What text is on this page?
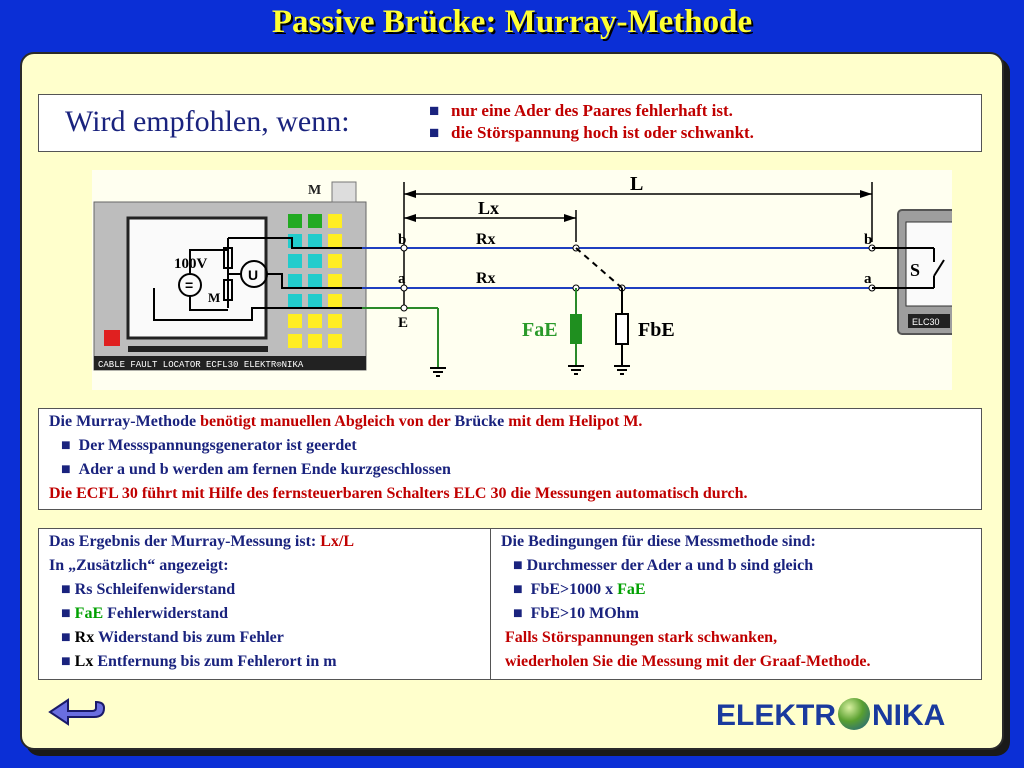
Passive Brücke: Murray-Methode
Wird empfohlen, wenn:	■ nur eine Ader des Paares fehlerhaft ist.
■ die Störspannung hoch ist oder schwankt.
CABLE FAULT LOCATOR ECFL30 ELEKTR⊙NIKA
M
100V
=
U
M
L
Lx
b	b
Rx
a	a
Rx
E	FaE	FbE
S
ELC30
Die Murray-Methode benötigt manuellen Abgleich von der Brücke mit dem Helipot M.
■ Der Messspannungsgenerator ist geerdet
■ Ader a und b werden am fernen Ende kurzgeschlossen
Die ECFL 30 führt mit Hilfe des fernsteuerbaren Schalters ELC 30 die Messungen automatisch durch.
Das Ergebnis der Murray-Messung ist: Lx/L
In „Zusätzlich“ angezeigt:
■ Rs Schleifenwiderstand
■ FaE Fehlerwiderstand
■ Rx Widerstand bis zum Fehler
■ Lx Entfernung bis zum Fehlerort in m
Die Bedingungen für diese Messmethode sind:
■ Durchmesser der Ader a und b sind gleich
■ FbE>1000 x FaE
■ FbE>10 MOhm
Falls Störspannungen stark schwanken,
wiederholen Sie die Messung mit der Graaf-Methode.
ELEKTR NIKA
